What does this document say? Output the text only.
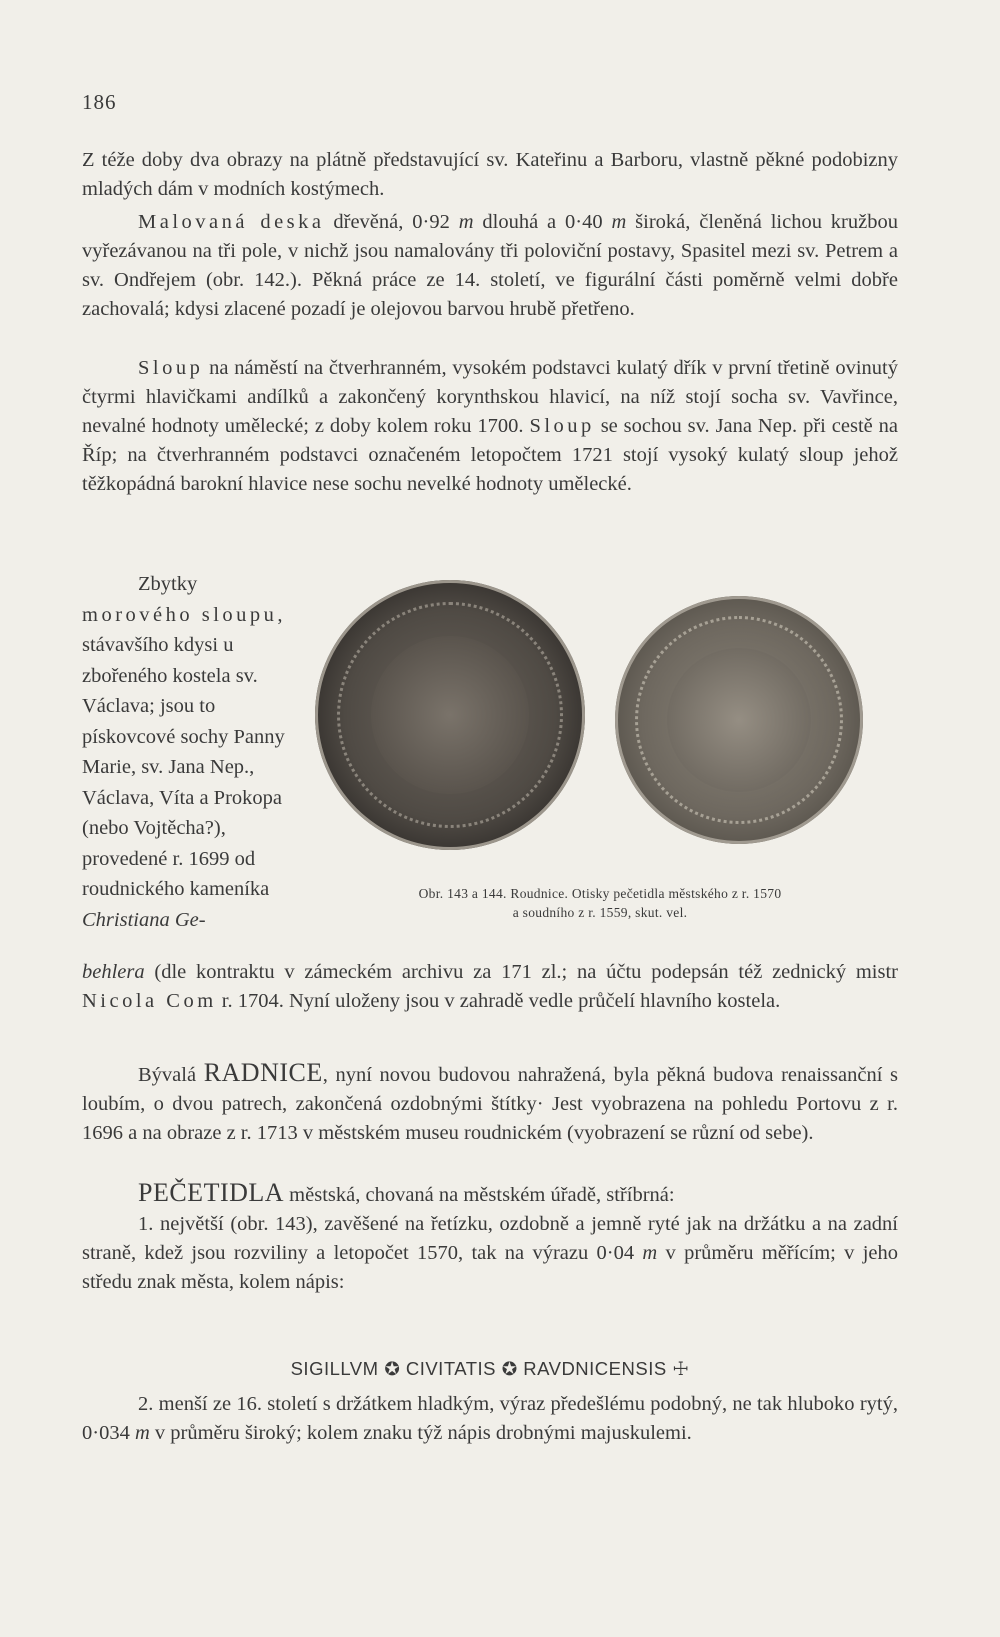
186

Z téže doby dva obrazy na plátně představující sv. Kateřinu a Barboru, vlastně pěkné podobizny mladých dám v modních kostýmech.

Malovaná deska dřevěná, 0·92 m dlouhá a 0·40 m široká, členěná lichou kružbou vyřezávanou na tři pole, v nichž jsou namalovány tři poloviční postavy, Spasitel mezi sv. Petrem a sv. Ondřejem (obr. 142.). Pěkná práce ze 14. století, ve figurální části poměrně velmi dobře zachovalá; kdysi zlacené pozadí je olejovou barvou hrubě přetřeno.

Sloup na náměstí na čtverhranném, vysokém podstavci kulatý dřík v první třetině ovinutý čtyrmi hlavičkami andílků a zakončený korynthskou hlavicí, na níž stojí socha sv. Vavřince, nevalné hodnoty umělecké; z doby kolem roku 1700. Sloup se sochou sv. Jana Nep. při cestě na Říp; na čtverhranném podstavci označeném letopočtem 1721 stojí vysoký kulatý sloup jehož těžkopádná barokní hlavice nese sochu nevelké hodnoty umělecké.

Zbytky morového sloupu, stávavšího kdysi u zbořeného kostela sv. Václava; jsou to pískovcové sochy Panny Marie, sv. Jana Nep., Václava, Víta a Prokopa (nebo Vojtěcha?), provedené r. 1699 od roudnického kameníka Christiana Ge-

Obr. 143 a 144. Roudnice. Otisky pečetidla městského z r. 1570
a soudního z r. 1559, skut. vel.

behlera (dle kontraktu v zámeckém archivu za 171 zl.; na účtu podepsán též zednický mistr Nicola Com r. 1704. Nyní uloženy jsou v zahradě vedle průčelí hlavního kostela.

Bývalá RADNICE, nyní novou budovou nahražená, byla pěkná budova renaissanční s loubím, o dvou patrech, zakončená ozdobnými štítky· Jest vyobrazena na pohledu Portovu z r. 1696 a na obraze z r. 1713 v městském museu roudnickém (vyobrazení se různí od sebe).

PEČETIDLA městská, chovaná na městském úřadě, stříbrná:
1. největší (obr. 143), zavěšené na řetízku, ozdobně a jemně ryté jak na držátku a na zadní straně, kdež jsou rozviliny a letopočet 1570, tak na výrazu 0·04 m v průměru měřícím; v jeho středu znak města, kolem nápis:
SIGILLVM ✪ CIVITATIS ✪ RAVDNICENSIS ☩

2. menší ze 16. století s držátkem hladkým, výraz předešlému podobný, ne tak hluboko rytý, 0·034 m v průměru široký; kolem znaku týž nápis drobnými majuskulemi.
